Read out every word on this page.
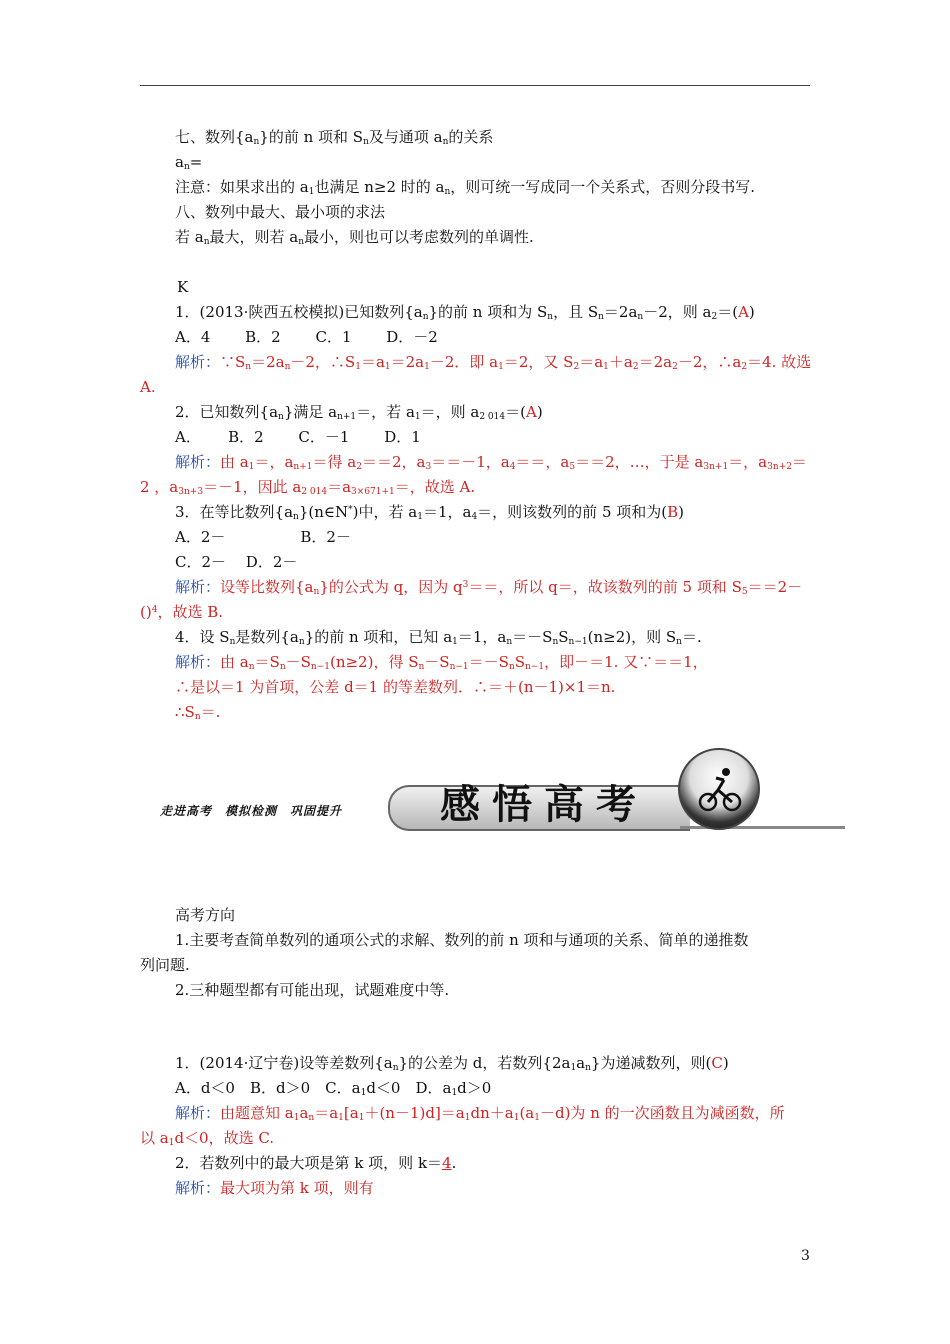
七、数列$\{a_n\}$的前 n 项和 $S_n$及与通项 $a_n$的关系
$a_n=$
注意：如果求出的 $a_1$也满足 n≥2 时的 $a_n$，则可统一写成同一个关系式，否则分段书写.
八、数列中最大、最小项的求法
若 $a_n$最大，则若 $a_n$最小，则也可以考虑数列的单调性.
K
1．(2013·陕西五校模拟)已知数列$\{a_n\}$的前 n 项和为 $S_n$，且 $S_n=2a_n-2$，则 $a_2=(A)$
A．4　　 B．2　　 C．1　　 D．－2
解析：$\because S_n=2a_n-2$，$\therefore S_1=a_1=2a_1-2$．即 $a_1=2$，又 $S_2=a_1+a_2=2a_2-2$，$\therefore a_2=4$. 故选
A.
2．已知数列$\{a_n\}$满足 $a_{n+1}=$，若 $a_1=$，则 $a_{2 014}=(A)$
A．　　 B．2　　 C．－1　　 D．1
解析：由 $a_1=$，$a_{n+1}=$得 $a_2==2$，$a_3==-1$，$a_4==$，$a_5==2$，…，于是 $a_{3n+1}=$，$a_{3n+2}=$
2 ，$a_{3n+3}=-1$，因此 $a_{2 014}=a_{3\times 671+1}=$，故选 A.
3．在等比数列$\{a_n\}(n\in N^*)$中，若 $a_1=1$，$a_4=$，则该数列的前 5 项和为(B)
A．2－　　　　　B．2－
C．2－　 D．2－
解析：设等比数列$\{a_n\}$的公式为 q，因为 $q^3==$，所以 q＝，故该数列的前 5 项和 $S_5==2-$
()$^4$，故选 B.
4．设 $S_n$是数列$\{a_n\}$的前 n 项和，已知 $a_1=1$，$a_n=-S_nS_{n-1}(n\ge 2)$，则 $S_n=$.
解析：由 $a_n=S_n-S_{n-1}(n\ge 2)$，得 $S_n-S_{n-1}=-S_nS_{n-1}$，即－＝1. 又∵＝＝1，
∴是以＝1 为首项，公差 d＝1 的等差数列．∴＝＋(n－1)×1＝n.
$\therefore S_n=$.
走进高考　模拟检测　巩固提升 感悟高考
高考方向
1.主要考查简单数列的通项公式的求解、数列的前 n 项和与通项的关系、简单的递推数
列问题.
2.三种题型都有可能出现，试题难度中等.
1．(2014·辽宁卷)设等差数列$\{a_n\}$的公差为 d，若数列$\{2a_1a_n\}$为递减数列，则(C)
A．d＜0　B．d＞0　C．$a_1d<0$　D．$a_1d>0$
解析：由题意知 $a_1a_n=a_1[a_1+(n-1)d]=a_1dn+a_1(a_1-d)$为 n 的一次函数且为减函数，所
以 $a_1d<0$，故选 C.
2．若数列中的最大项是第 k 项，则 k＝4.
解析：最大项为第 k 项，则有
3
